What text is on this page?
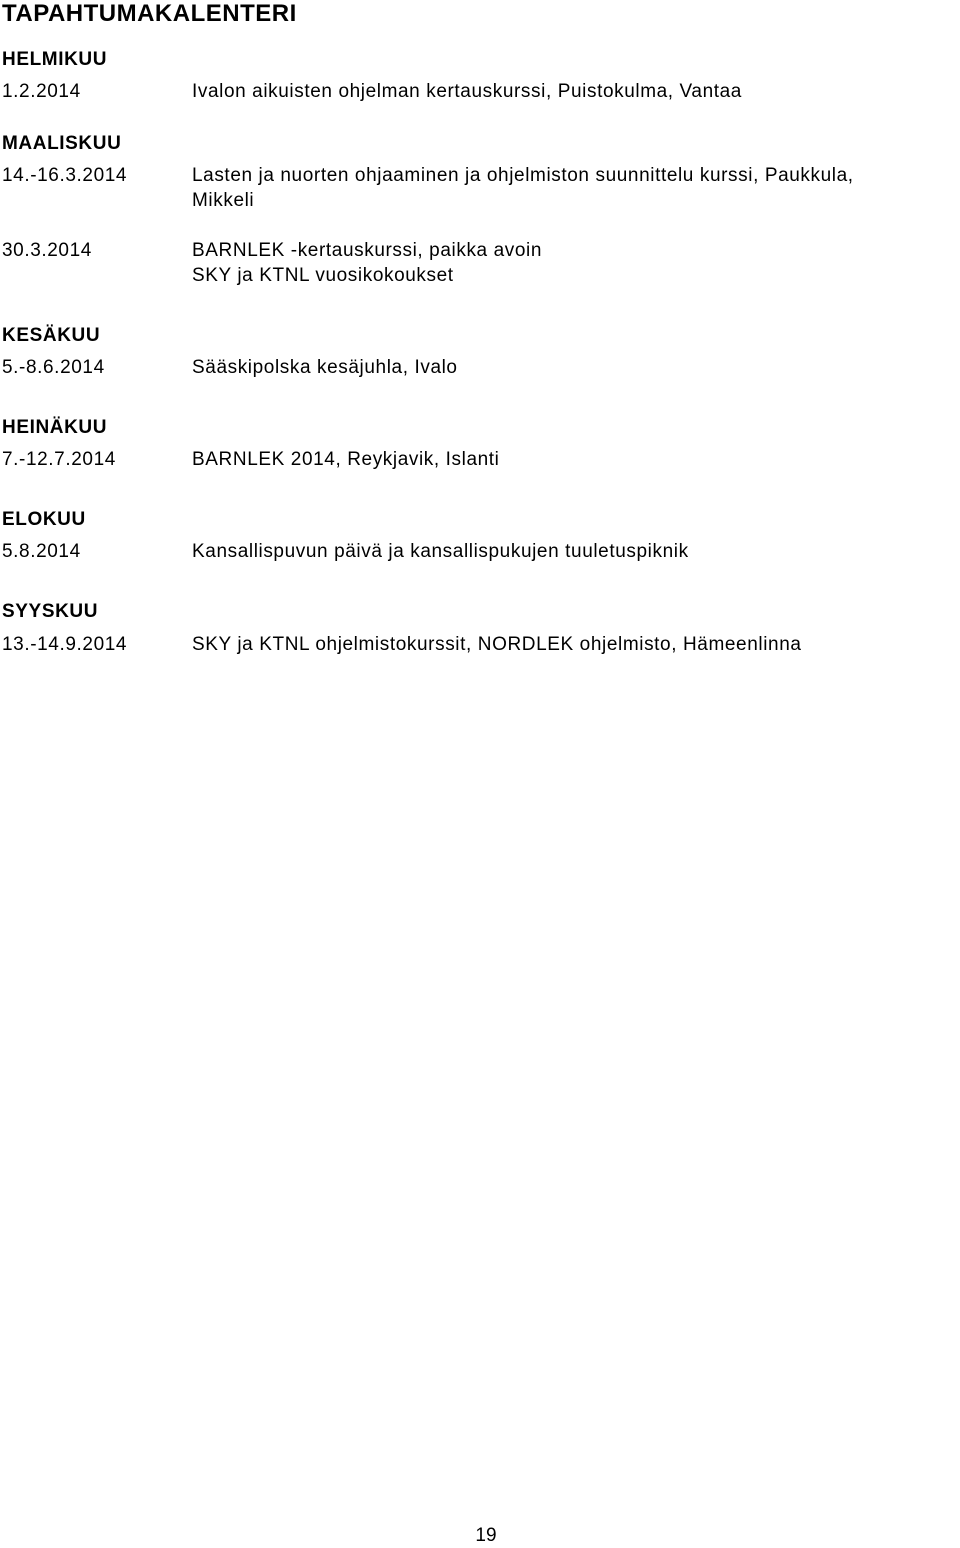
TAPAHTUMAKALENTERI
HELMIKUU
1.2.2014	Ivalon aikuisten ohjelman kertauskurssi, Puistokulma, Vantaa
MAALISKUU
14.-16.3.2014	Lasten ja nuorten ohjaaminen ja ohjelmiston suunnittelu kurssi, Paukkula,
Mikkeli
30.3.2014	BARNLEK -kertauskurssi, paikka avoin
SKY ja KTNL vuosikokoukset
KESÄKUU
5.-8.6.2014	Sääskipolska kesäjuhla, Ivalo
HEINÄKUU
7.-12.7.2014	BARNLEK 2014, Reykjavik, Islanti
ELOKUU
5.8.2014	Kansallispuvun päivä ja kansallispukujen tuuletuspiknik
SYYSKUU
13.-14.9.2014	SKY ja KTNL ohjelmistokurssit, NORDLEK ohjelmisto, Hämeenlinna
19
